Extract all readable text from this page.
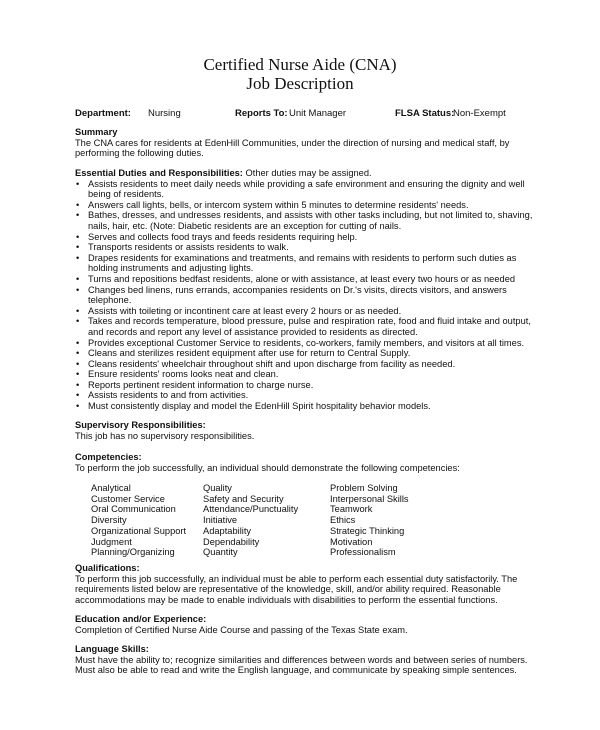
Certified Nurse Aide (CNA)
Job Description
Department: Nursing	Reports To: Unit Manager	FLSA Status:
Non-Exempt
Summary

The CNA cares for residents at EdenHill Communities, under the direction of nursing and medical staff, by performing the following duties.

Essential Duties and Responsibilities: Other duties may be assigned.
• Assists residents to meet daily needs while providing a safe environment and ensuring the dignity and well being of residents.
• Answers call lights, bells, or intercom system within 5 minutes to determine residents' needs.
• Bathes, dresses, and undresses residents, and assists with other tasks including, but not limited to, shaving, nails, hair, etc. (Note: Diabetic residents are an exception for cutting of nails.
• Serves and collects food trays and feeds residents requiring help.
• Transports residents or assists residents to walk.
• Drapes residents for examinations and treatments, and remains with residents to perform such duties as holding instruments and adjusting lights.
• Turns and repositions bedfast residents, alone or with assistance, at least every two hours or as needed
• Changes bed linens, runs errands, accompanies residents on Dr.'s visits, directs visitors, and answers telephone.
• Assists with toileting or incontinent care at least every 2 hours or as needed.
• Takes and records temperature, blood pressure, pulse and respiration rate, food and fluid intake and output, and records and report any level of assistance provided to residents as directed.
• Provides exceptional Customer Service to residents, co-workers, family members, and visitors at all times.
• Cleans and sterilizes resident equipment after use for return to Central Supply.
• Cleans residents' wheelchair throughout shift and upon discharge from facility as needed.
• Ensure residents' rooms looks neat and clean.
• Reports pertinent resident information to charge nurse.
• Assists residents to and from activities.
• Must consistently display and model the EdenHill Spirit hospitality behavior models.
Supervisory Responsibilities:

This job has no supervisory responsibilities.

Competencies:

To perform the job successfully, an individual should demonstrate the following competencies:

Analytical
Customer Service
Oral Communication
Diversity
Organizational Support
Judgment
Planning/Organizing
Quality
Safety and Security
Attendance/Punctuality
Initiative
Adaptability
Dependability
Quantity
Problem Solving
Interpersonal Skills
Teamwork
Ethics
Strategic Thinking
Motivation
Professionalism
Qualifications:

To perform this job successfully, an individual must be able to perform each essential duty satisfactorily. The requirements listed below are representative of the knowledge, skill, and/or ability required. Reasonable accommodations may be made to enable individuals with disabilities to perform the essential functions.

Education and/or Experience:

Completion of Certified Nurse Aide Course and passing of the Texas State exam.

Language Skills:

Must have the ability to; recognize similarities and differences between words and between series of numbers.

Must also be able to read and write the English language, and communicate by speaking simple sentences.
